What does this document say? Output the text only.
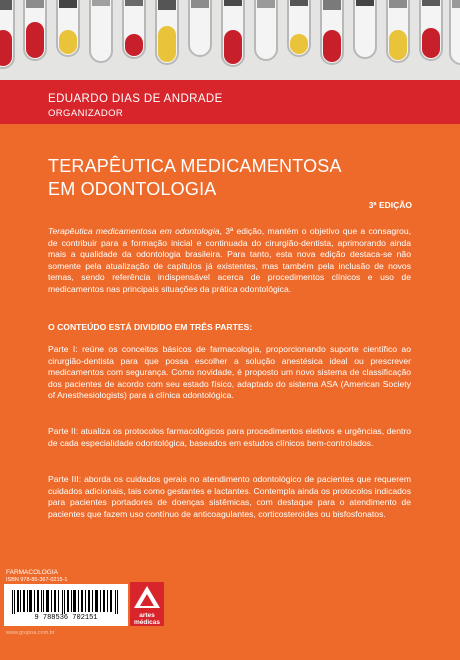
EDUARDO DIAS DE ANDRADE
ORGANIZADOR
TERAPÊUTICA MEDICAMENTOSA
EM ODONTOLOGIA
3ª EDIÇÃO

Terapêutica medicamentosa em odontologia, 3ª edição, mantém o objetivo que a consagrou, de contribuir para a formação inicial e continuada do cirurgião-dentista, aprimorando ainda mais a qualidade da odontologia brasileira. Para tanto, esta nova edição destaca-se não somente pela atualização de capítulos já existentes, mas também pela inclusão de novos temas, sendo referência indispensável acerca de procedimentos clínicos e uso de medicamentos nas principais situações da prática odontológica.

O CONTEÚDO ESTÁ DIVIDIDO EM TRÊS PARTES:

Parte I: reúne os conceitos básicos de farmacologia, proporcionando suporte científico ao cirurgião-dentista para que possa escolher a solução anestésica ideal ou prescrever medicamentos com segurança. Como novidade, é proposto um novo sistema de classificação dos pacientes de acordo com seu estado físico, adaptado do sistema ASA (American Society of Anesthesiologists) para a clínica odontológica.

Parte II: atualiza os protocolos farmacológicos para procedimentos eletivos e urgências, dentro de cada especialidade odontológica, baseados em estudos clínicos bem-controlados.

Parte III: aborda os cuidados gerais no atendimento odontológico de pacientes que requerem cuidados adicionais, tais como gestantes e lactantes. Contempla ainda os protocolos indicados para pacientes portadores de doenças sistêmicas, com destaque para o atendimento de pacientes que fazem uso contínuo de anticoagulantes, corticosteroides ou bisfosfonatos.

FARMACOLOGIA
ISBN 978-85-367-0215-1
9 788536 702151
www.grupoa.com.br
artes
médicas
